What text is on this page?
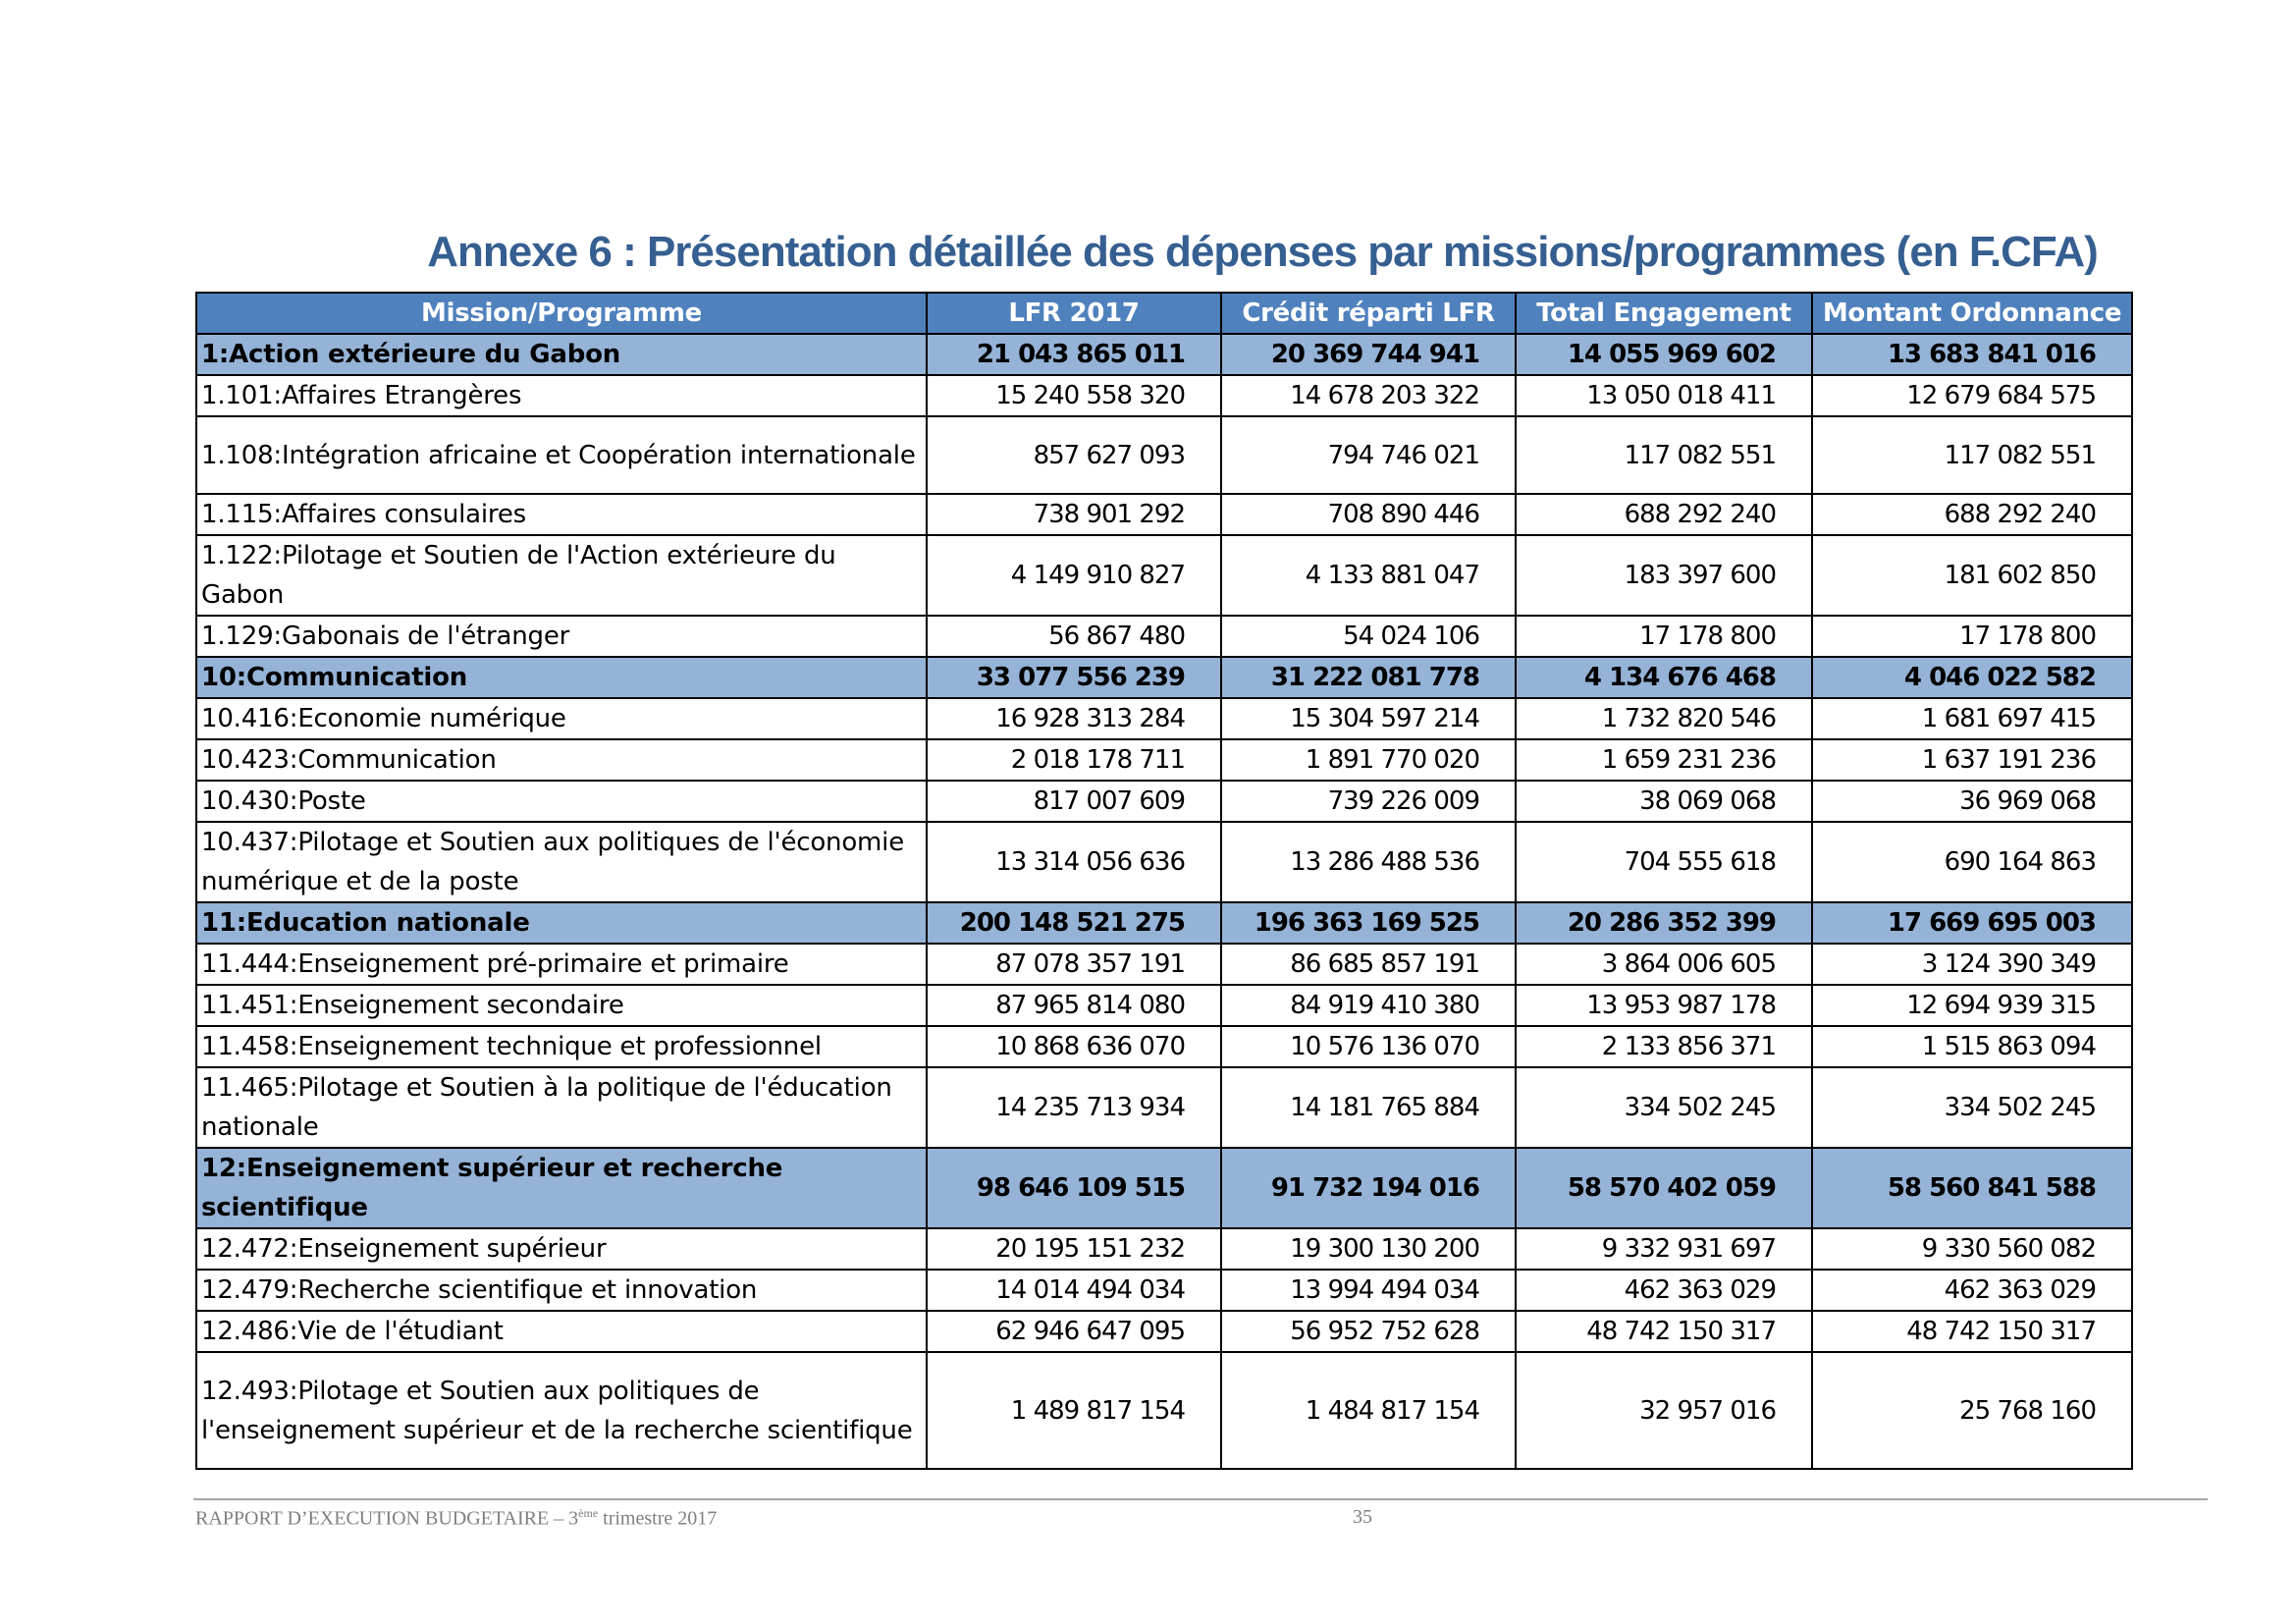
Annexe 6 : Présentation détaillée des dépenses par missions/programmes (en F.CFA)
Mission/Programme	LFR 2017	Crédit réparti LFR	Total Engagement	Montant Ordonnance
1:Action extérieure du Gabon	21 043 865 011	20 369 744 941	14 055 969 602	13 683 841 016
1.101:Affaires Etrangères	15 240 558 320	14 678 203 322	13 050 018 411	12 679 684 575
1.108:Intégration africaine et Coopération internationale	857 627 093	794 746 021	117 082 551	117 082 551
1.115:Affaires consulaires	738 901 292	708 890 446	688 292 240	688 292 240
1.122:Pilotage et Soutien de l'Action extérieure du Gabon	4 149 910 827	4 133 881 047	183 397 600	181 602 850
1.129:Gabonais de l'étranger	56 867 480	54 024 106	17 178 800	17 178 800
10:Communication	33 077 556 239	31 222 081 778	4 134 676 468	4 046 022 582
10.416:Economie numérique	16 928 313 284	15 304 597 214	1 732 820 546	1 681 697 415
10.423:Communication	2 018 178 711	1 891 770 020	1 659 231 236	1 637 191 236
10.430:Poste	817 007 609	739 226 009	38 069 068	36 969 068
10.437:Pilotage et Soutien aux politiques de l'économie numérique et de la poste	13 314 056 636	13 286 488 536	704 555 618	690 164 863
11:Education nationale	200 148 521 275	196 363 169 525	20 286 352 399	17 669 695 003
11.444:Enseignement pré-primaire et primaire	87 078 357 191	86 685 857 191	3 864 006 605	3 124 390 349
11.451:Enseignement secondaire	87 965 814 080	84 919 410 380	13 953 987 178	12 694 939 315
11.458:Enseignement technique et professionnel	10 868 636 070	10 576 136 070	2 133 856 371	1 515 863 094
11.465:Pilotage et Soutien à la politique de l'éducation nationale	14 235 713 934	14 181 765 884	334 502 245	334 502 245
12:Enseignement supérieur et recherche scientifique	98 646 109 515	91 732 194 016	58 570 402 059	58 560 841 588
12.472:Enseignement supérieur	20 195 151 232	19 300 130 200	9 332 931 697	9 330 560 082
12.479:Recherche scientifique et innovation	14 014 494 034	13 994 494 034	462 363 029	462 363 029
12.486:Vie de l'étudiant	62 946 647 095	56 952 752 628	48 742 150 317	48 742 150 317
12.493:Pilotage et Soutien aux politiques de l'enseignement supérieur et de la recherche scientifique	1 489 817 154	1 484 817 154	32 957 016	25 768 160
RAPPORT D’EXECUTION BUDGETAIRE – 3ème trimestre 2017	35
